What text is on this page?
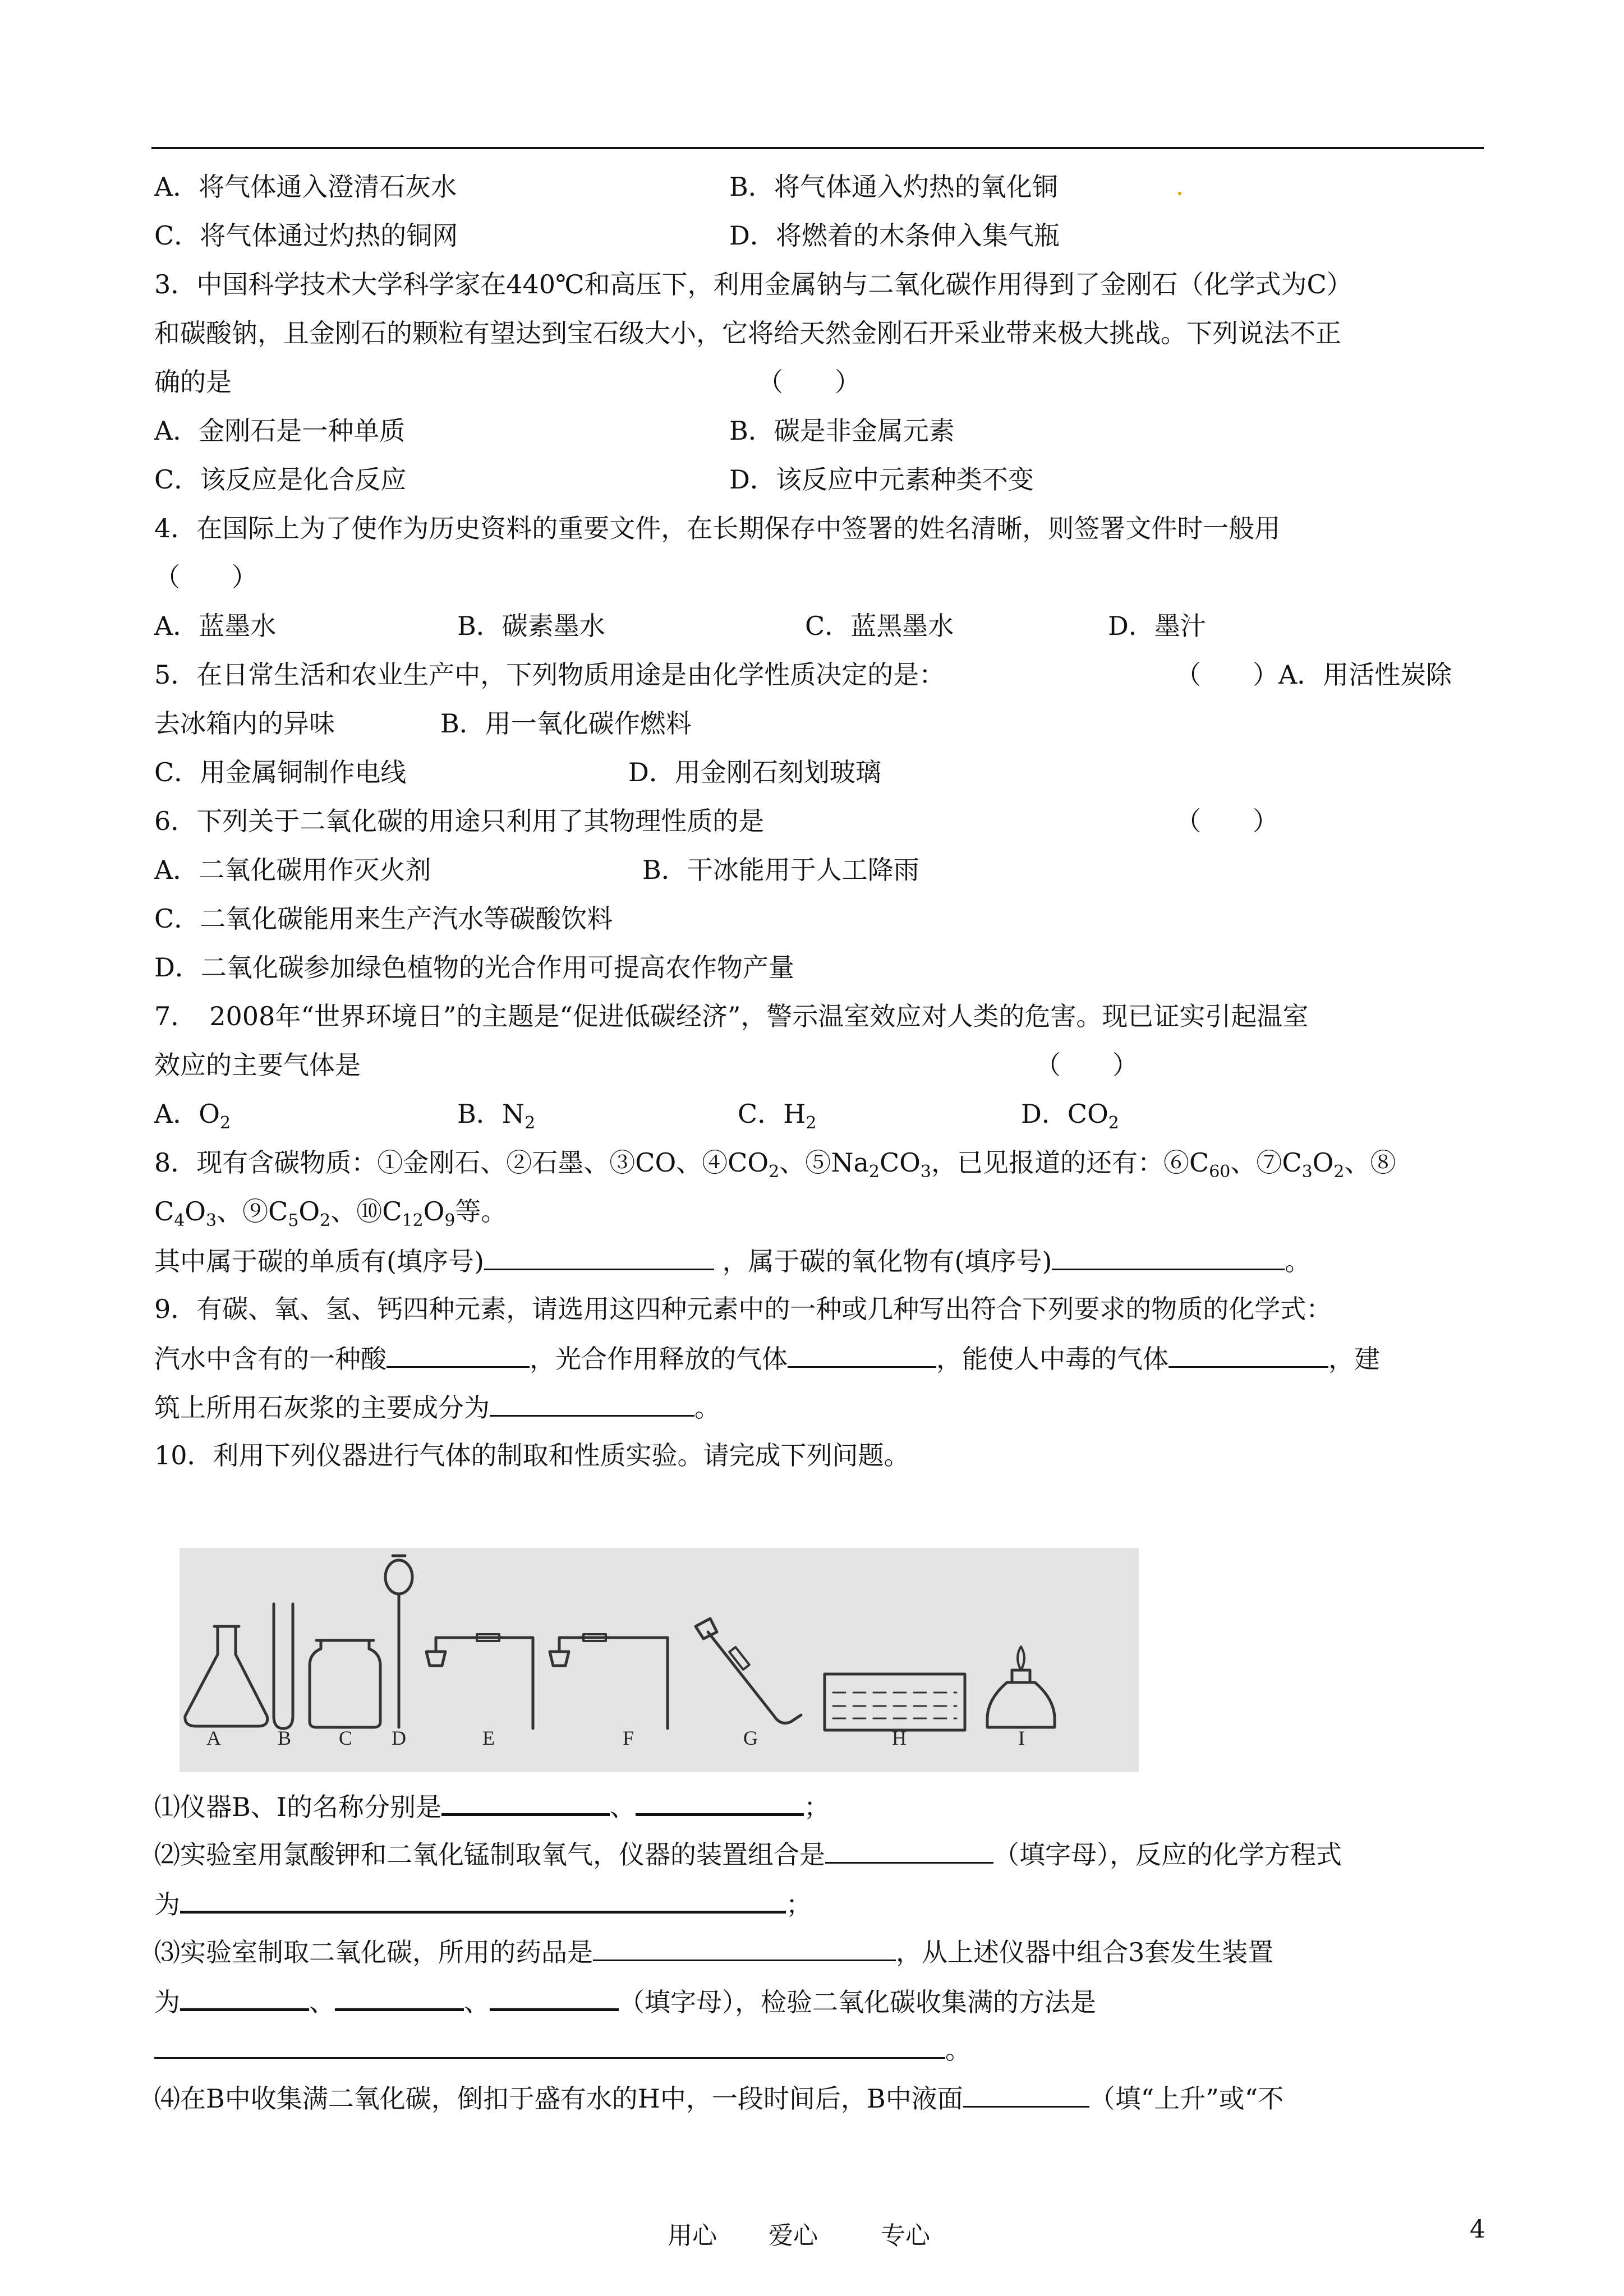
A．将气体通入澄清石灰水	B．将气体通入灼热的氧化铜
C．将气体通过灼热的铜网	D．将燃着的木条伸入集气瓶
3．中国科学技术大学科学家在440℃和高压下，利用金属钠与二氧化碳作用得到了金刚石（化学式为C）
和碳酸钠，且金刚石的颗粒有望达到宝石级大小，它将给天然金刚石开采业带来极大挑战。下列说法不正
确的是	（　　）
A．金刚石是一种单质	B．碳是非金属元素
C．该反应是化合反应	D．该反应中元素种类不变
4．在国际上为了使作为历史资料的重要文件，在长期保存中签署的姓名清晰，则签署文件时一般用
（　　）
A．蓝墨水	B．碳素墨水	C．蓝黑墨水	D．墨汁
5．在日常生活和农业生产中，下列物质用途是由化学性质决定的是：	（　　）A．用活性炭除
去冰箱内的异味	B．用一氧化碳作燃料
C．用金属铜制作电线	D．用金刚石刻划玻璃
6．下列关于二氧化碳的用途只利用了其物理性质的是	（　　）
A．二氧化碳用作灭火剂	B．干冰能用于人工降雨
C．二氧化碳能用来生产汽水等碳酸饮料
D．二氧化碳参加绿色植物的光合作用可提高农作物产量
7．　2008年“世界环境日”的主题是“促进低碳经济”，警示温室效应对人类的危害。现已证实引起温室
效应的主要气体是	（　　）
A．$O_2$	B．$N_2$	C．$H_2$	D．$CO_2$
8．现有含碳物质：①金刚石、②石墨、③CO、$④CO_2$、$⑤Na_2CO_3$，已见报道的还有：$⑥C_{60}$、$⑦C_3O_2$、⑧
$C_4O_3$、$⑨C_5O_2$、$⑩C_{12}O_9$等。
其中属于碳的单质有(填序号)	，属于碳的氧化物有(填序号)	。
9．有碳、氧、氢、钙四种元素，请选用这四种元素中的一种或几种写出符合下列要求的物质的化学式：
汽水中含有的一种酸	，光合作用释放的气体	，能使人中毒的气体	，建
筑上所用石灰浆的主要成分为	。
10．利用下列仪器进行气体的制取和性质实验。请完成下列问题。
A	B C D	E	F	G	H	I
⑴仪器B、I的名称分别是	、	；
⑵实验室用氯酸钾和二氧化锰制取氧气，仪器的装置组合是	（填字母），反应的化学方程式
为	；
⑶实验室制取二氧化碳，所用的药品是	，从上述仪器中组合3套发生装置
为	、	、	（填字母），检验二氧化碳收集满的方法是
。
⑷在B中收集满二氧化碳，倒扣于盛有水的H中，一段时间后，B中液面	（填“上升”或“不
用心 爱心	专心	4
